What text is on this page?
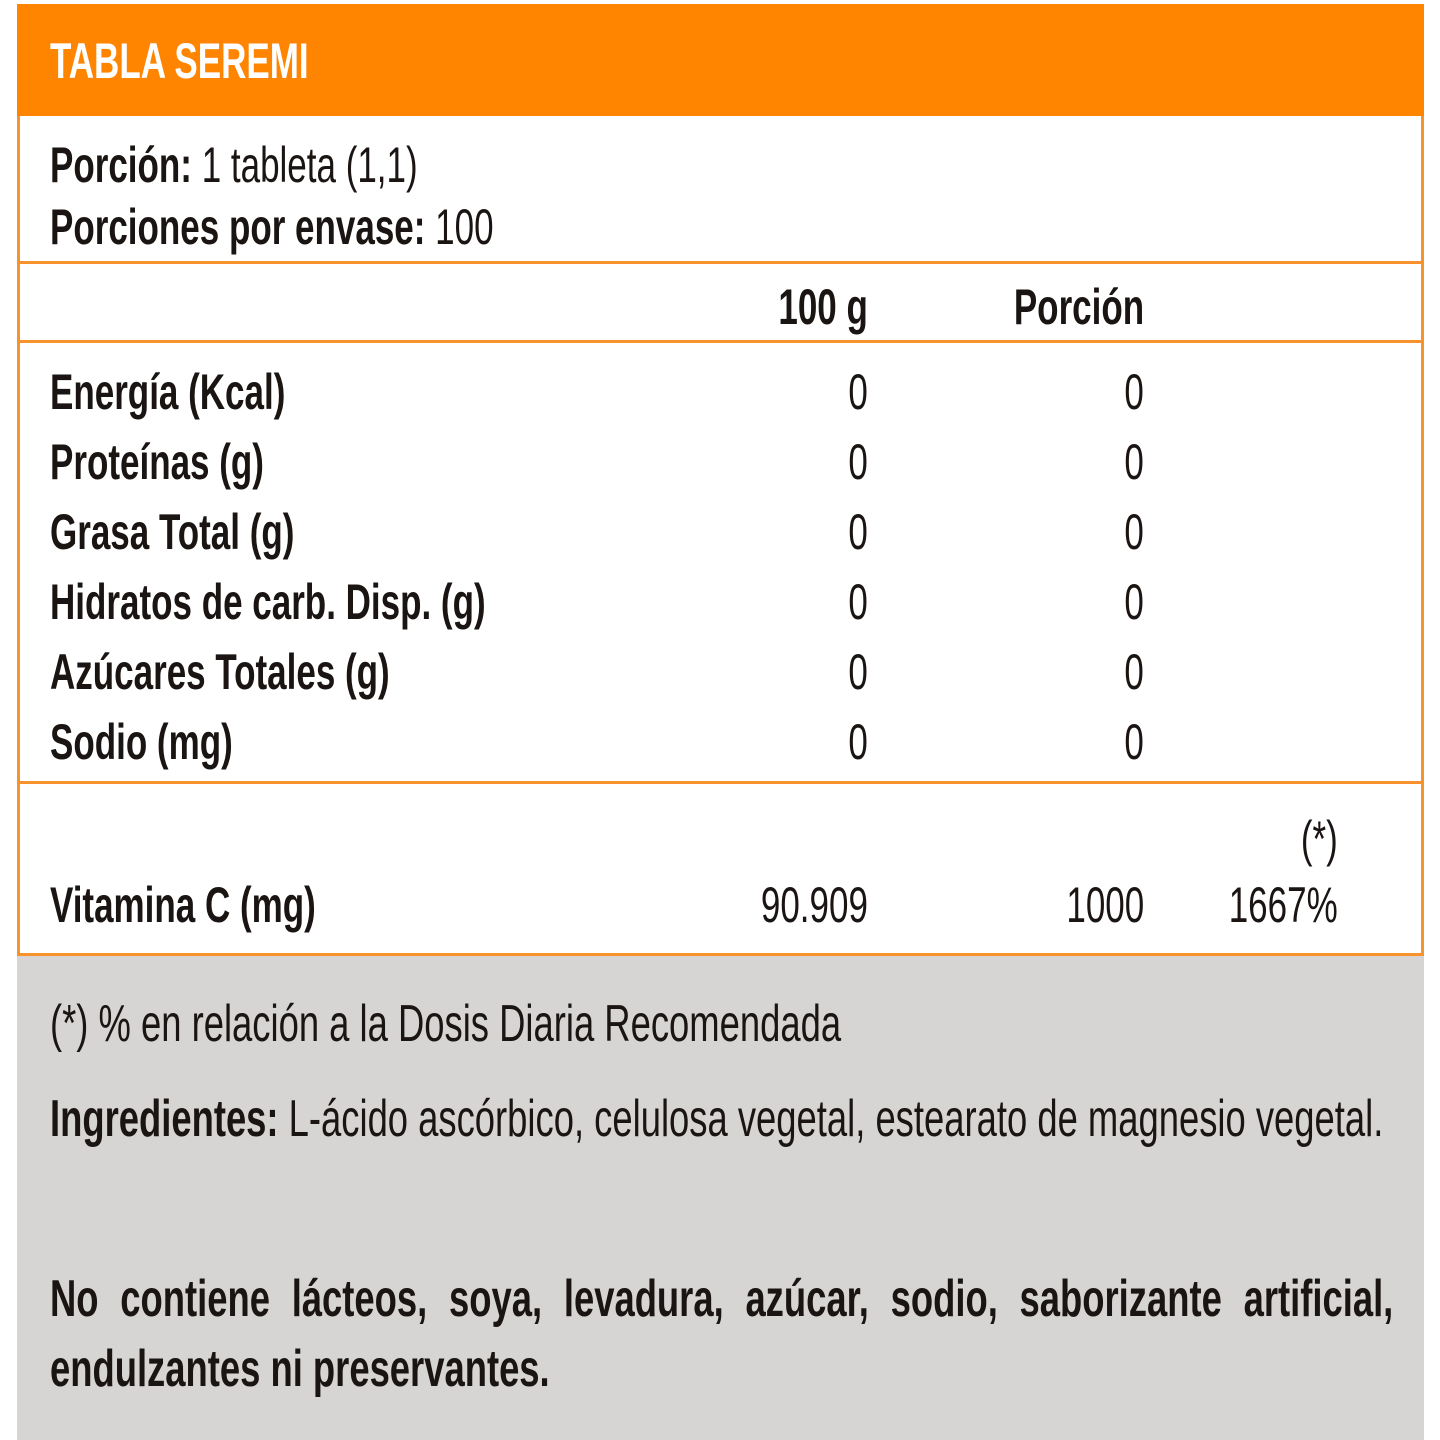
TABLA SEREMI
Porción: 1 tableta (1,1)
Porciones por envase: 100
100 g	Porción
Energía (Kcal)	0	0
Proteínas (g)	0	0
Grasa Total (g)	0	0
Hidratos de carb. Disp. (g)	0	0
Azúcares Totales (g)	0	0
Sodio (mg)	0	0
(*)
Vitamina C (mg)	90.909	1000 1667%
(*) % en relación a la Dosis Diaria Recomendada
Ingredientes: L-ácido ascórbico, celulosa vegetal, estearato de magnesio vegetal.
No contiene lácteos, soya, levadura, azúcar, sodio, saborizante artificial, endulzantes ni preservantes.
